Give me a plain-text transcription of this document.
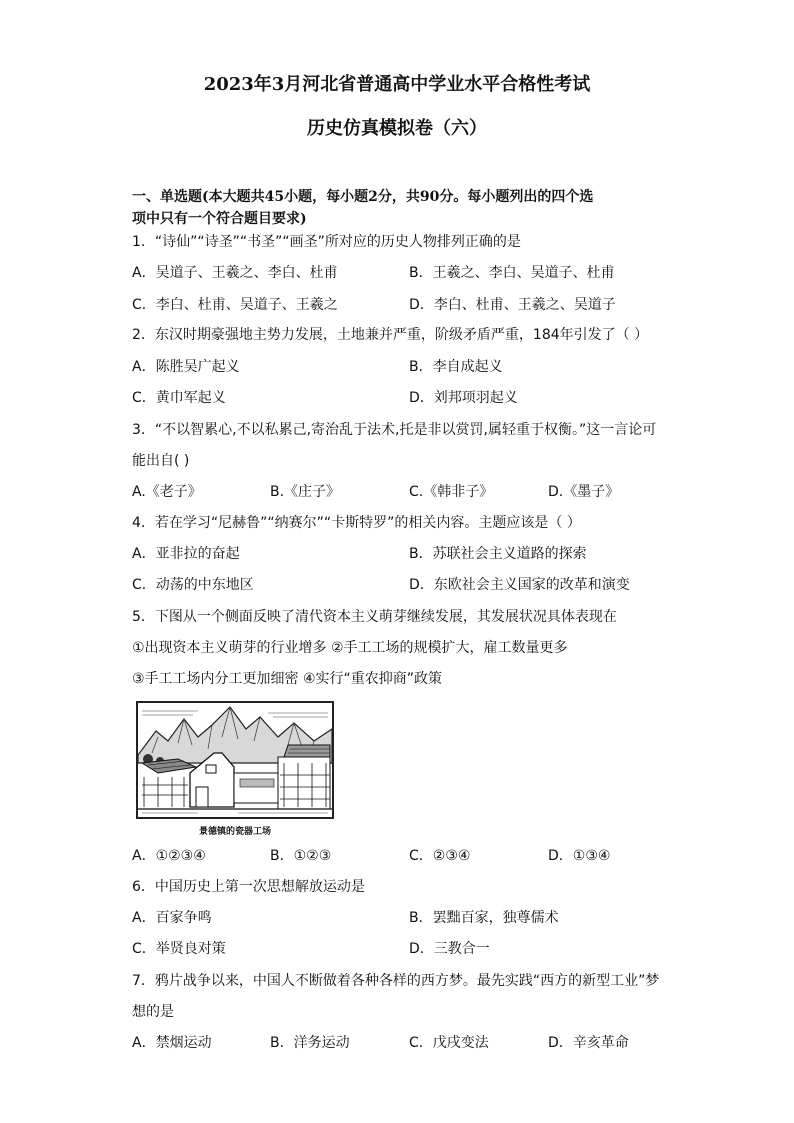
2023年3月河北省普通高中学业水平合格性考试
历史仿真模拟卷（六）
一、单选题(本大题共45小题，每小题2分，共90分。每小题列出的四个选
项中只有一个符合题目要求)
1．“诗仙”“诗圣”“书圣”“画圣”所对应的历史人物排列正确的是
A．吴道子、王羲之、李白、杜甫	B．王羲之、李白、吴道子、杜甫
C．李白、杜甫、吴道子、王羲之	D．李白、杜甫、王羲之、吴道子
2．东汉时期豪强地主势力发展，土地兼并严重，阶级矛盾严重，184年引发了（ ）
A．陈胜吴广起义	B．李自成起义
C．黄巾军起义	D．刘邦项羽起义
3．“不以智累心,不以私累己,寄治乱于法术,托是非以赏罚,属轻重于权衡。”这一言论可
能出自( )
A.《老子》	B.《庄子》	C.《韩非子》	D.《墨子》
4．若在学习“尼赫鲁”“纳赛尔”“卡斯特罗”的相关内容。主题应该是（ ）
A．亚非拉的奋起	B．苏联社会主义道路的探索
C．动荡的中东地区	D．东欧社会主义国家的改革和演变
5．下图从一个侧面反映了清代资本主义萌芽继续发展，其发展状况具体表现在
①出现资本主义萌芽的行业增多 ②手工工场的规模扩大，雇工数量更多
③手工工场内分工更加细密 ④实行“重农抑商”政策
景德镇的瓷器工场
A．①②③④	B．①②③	C．②③④	D．①③④
6．中国历史上第一次思想解放运动是
A．百家争鸣	B．罢黜百家，独尊儒术
C．举贤良对策	D．三教合一
7．鸦片战争以来，中国人不断做着各种各样的西方梦。最先实践“西方的新型工业”梦
想的是
A．禁烟运动	B．洋务运动	C．戊戌变法	D．辛亥革命
